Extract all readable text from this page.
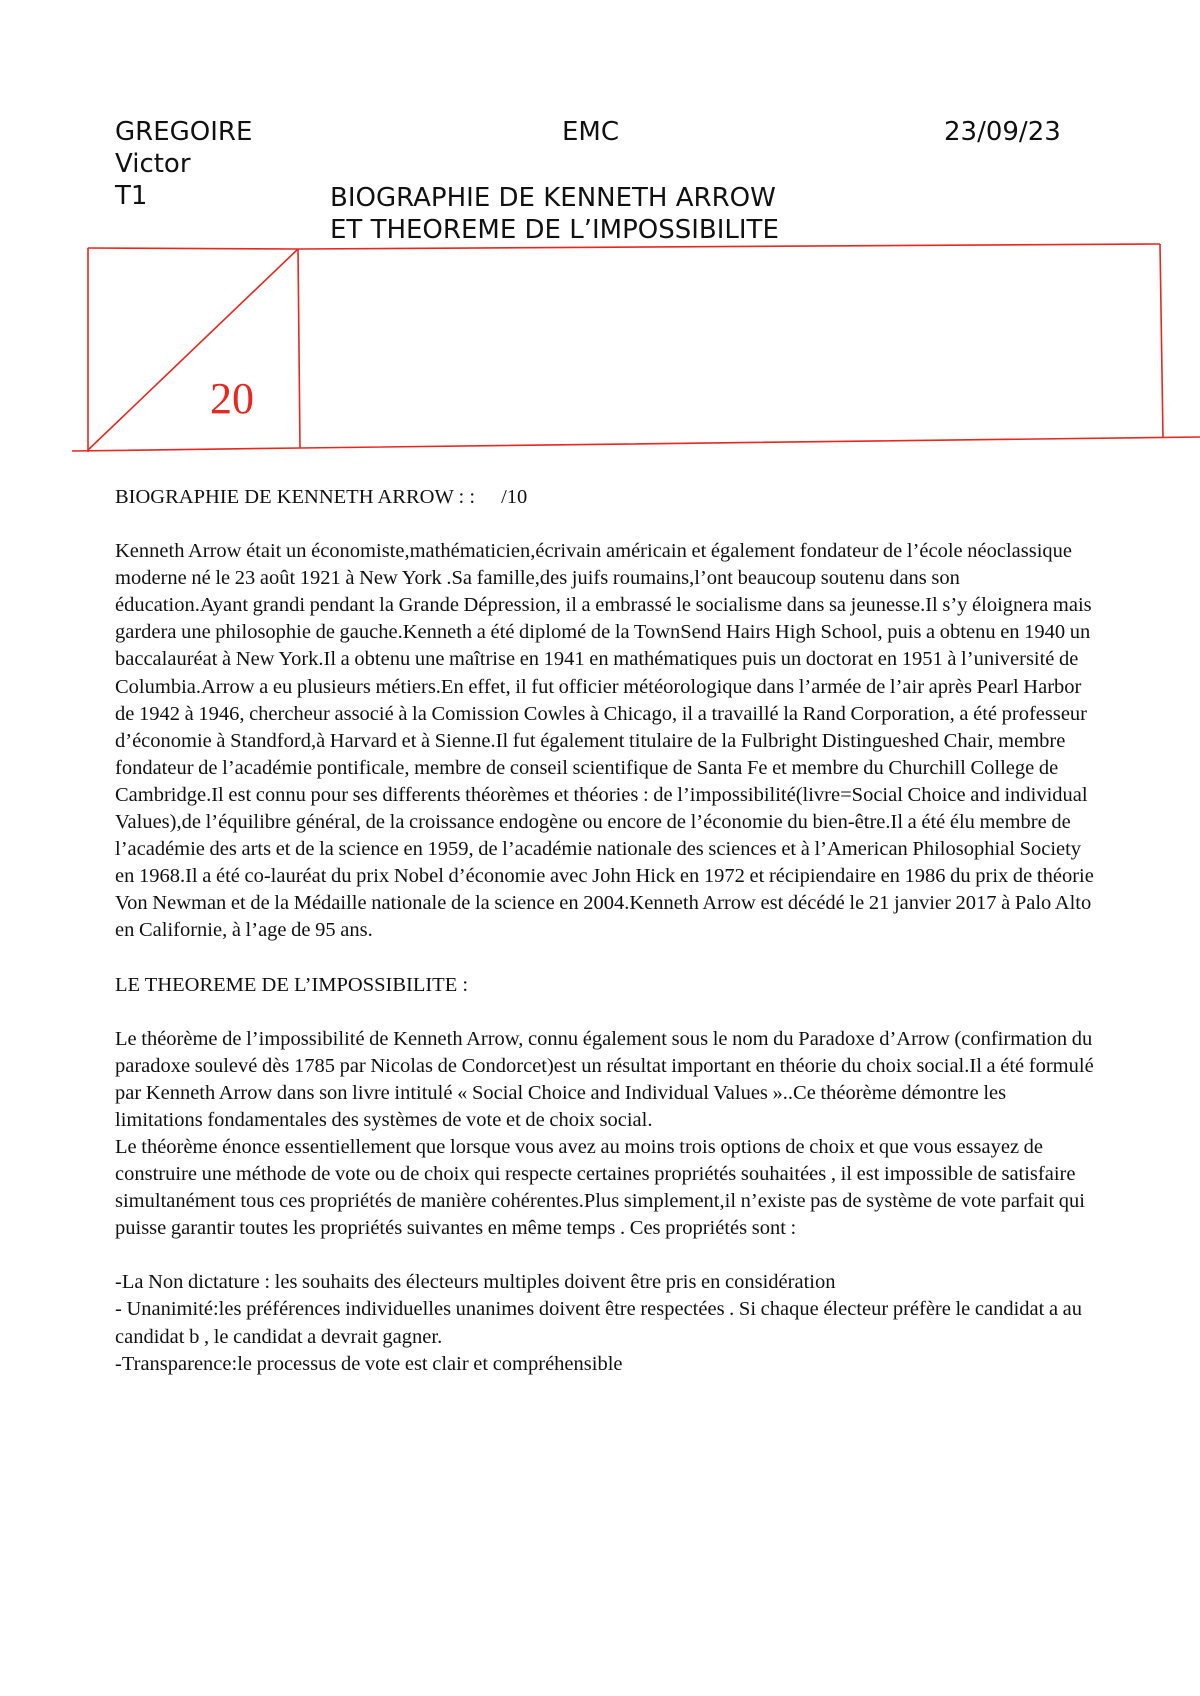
GREGOIRE
Victor
T1
EMC	23/09/23
BIOGRAPHIE DE KENNETH ARROW
ET THEOREME DE L’IMPOSSIBILITE
20

BIOGRAPHIE DE KENNETH ARROW : : /10

Kenneth Arrow était un économiste,mathématicien,écrivain américain et également fondateur de l’école néoclassique moderne né le 23 août 1921 à New York .Sa famille,des juifs roumains,l’ont beaucoup soutenu dans son éducation.Ayant grandi pendant la Grande Dépression, il a embrassé le socialisme dans sa jeunesse.Il s’y éloignera mais gardera une philosophie de gauche.Kenneth a été diplomé de la TownSend Hairs High School, puis a obtenu en 1940 un baccalauréat à New York.Il a obtenu une maîtrise en 1941 en mathématiques puis un doctorat en 1951 à l’université de Columbia.Arrow a eu plusieurs métiers.En effet, il fut officier météorologique dans l’armée de l’air après Pearl Harbor de 1942 à 1946, chercheur associé à la Comission Cowles à Chicago, il a travaillé la Rand Corporation, a été professeur d’économie à Standford,à Harvard et à Sienne.Il fut également titulaire de la Fulbright Distingueshed Chair, membre fondateur de l’académie pontificale, membre de conseil scientifique de Santa Fe et membre du Churchill College de Cambridge.Il est connu pour ses differents théorèmes et théories : de l’impossibilité(livre=Social Choice and individual Values),de l’équilibre général, de la croissance endogène ou encore de l’économie du bien-être.Il a été élu membre de l’académie des arts et de la science en 1959, de l’académie nationale des sciences et à l’American Philosophial Society en 1968.Il a été co-lauréat du prix Nobel d’économie avec John Hick en 1972 et récipiendaire en 1986 du prix de théorie Von Newman et de la Médaille nationale de la science en 2004.Kenneth Arrow est décédé le 21 janvier 2017 à Palo Alto en Californie, à l’age de 95 ans.

LE THEOREME DE L’IMPOSSIBILITE :

Le théorème de l’impossibilité de Kenneth Arrow, connu également sous le nom du Paradoxe d’Arrow (confirmation du paradoxe soulevé dès 1785 par Nicolas de Condorcet)est un résultat important en théorie du choix social.Il a été formulé par Kenneth Arrow dans son livre intitulé « Social Choice and Individual Values »..Ce théorème démontre les limitations fondamentales des systèmes de vote et de choix social.

Le théorème énonce essentiellement que lorsque vous avez au moins trois options de choix et que vous essayez de construire une méthode de vote ou de choix qui respecte certaines propriétés souhaitées , il est impossible de satisfaire simultanément tous ces propriétés de manière cohérentes.Plus simplement,il n’existe pas de système de vote parfait qui puisse garantir toutes les propriétés suivantes en même temps . Ces propriétés sont :

-La Non dictature : les souhaits des électeurs multiples doivent être pris en considération

- Unanimité:les préférences individuelles unanimes doivent être respectées . Si chaque électeur préfère le candidat a au candidat b , le candidat a devrait gagner.

-Transparence:le processus de vote est clair et compréhensible
